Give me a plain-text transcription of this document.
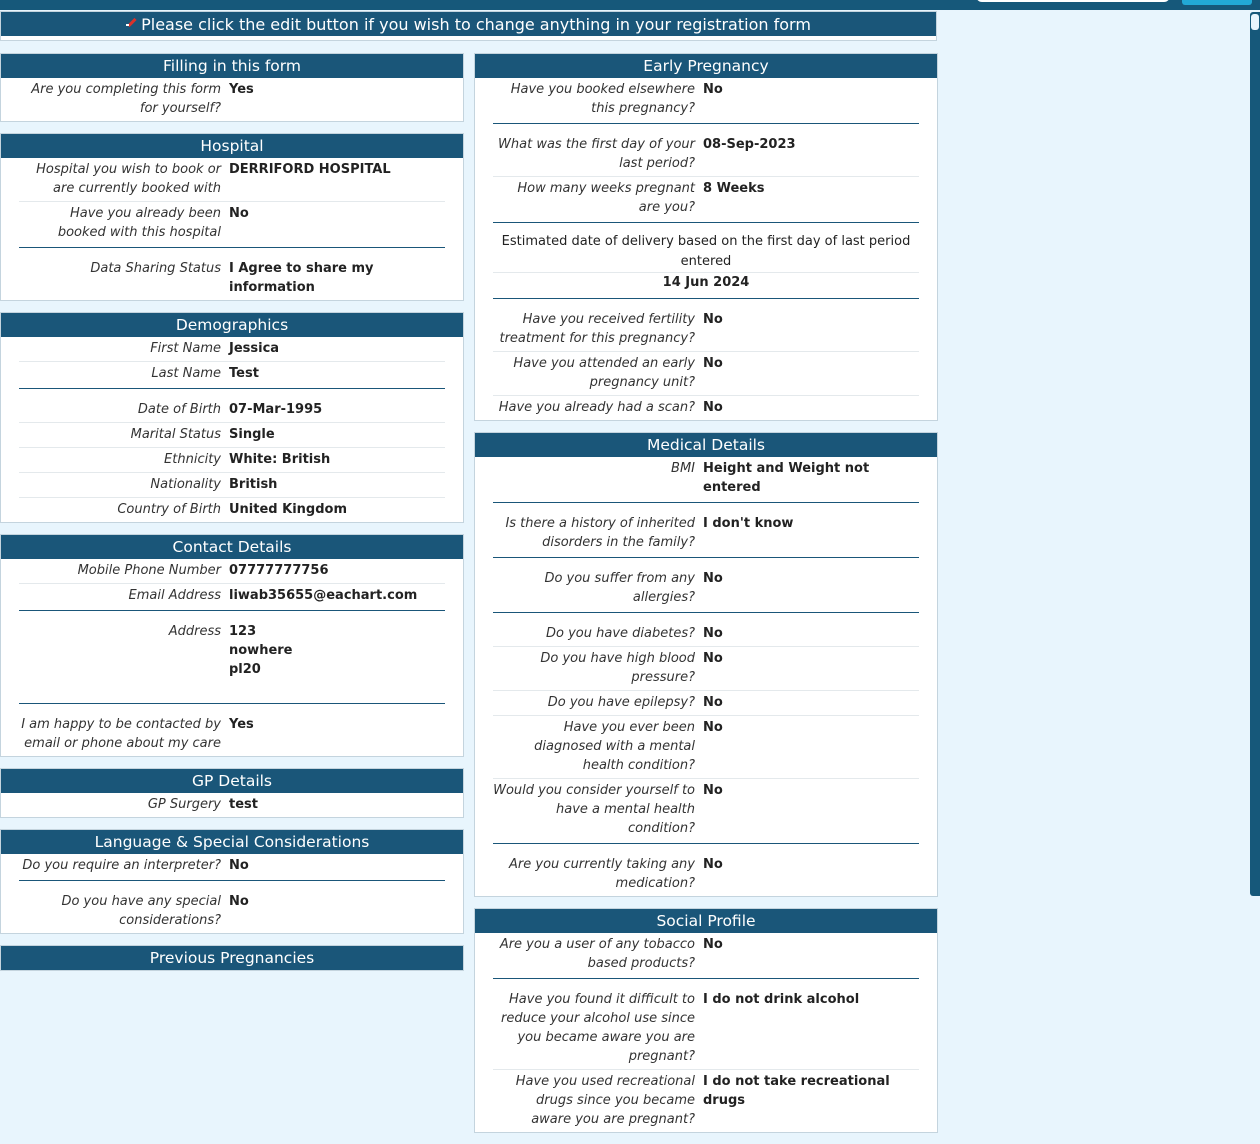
Please click the edit button if you wish to change anything in your registration form
Filling in this form
Are you completing this form for yourself?
Yes
Hospital
Hospital you wish to book or are currently booked with
DERRIFORD HOSPITAL
Have you already been booked with this hospital
No
Data Sharing Status I Agree to share my information
Demographics
First Name Jessica
Last Name Test
Date of Birth 07-Mar-1995
Marital Status Single
Ethnicity White: British
Nationality British
Country of Birth United Kingdom
Contact Details
Mobile Phone Number 07777777756
Email Address liwab35655@eachart.com
Address 123
nowhere
pl20
I am happy to be contacted by email or phone about my care
Yes
GP Details
GP Surgery test
Language & Special Considerations
Do you require an interpreter? No
Do you have any special considerations?
No
Previous Pregnancies
Early Pregnancy
Have you booked elsewhere this pregnancy?
No
What was the first day of your last period?
08-Sep-2023
How many weeks pregnant are you?
8 Weeks
Estimated date of delivery based on the first day of last period entered
14 Jun 2024
Have you received fertility treatment for this pregnancy?
No
Have you attended an early pregnancy unit?
No
Have you already had a scan? No
Medical Details
BMI Height and Weight not entered
Is there a history of inherited disorders in the family?
I don't know
Do you suffer from any allergies?
No
Do you have diabetes? No
Do you have high blood pressure?
No
Do you have epilepsy? No
Have you ever been diagnosed with a mental health condition?
No
Would you consider yourself to have a mental health condition?
No
Are you currently taking any medication?
No
Social Profile
Are you a user of any tobacco based products?
No
Have you found it difficult to reduce your alcohol use since you became aware you are pregnant?
I do not drink alcohol
Have you used recreational drugs since you became aware you are pregnant?
I do not take recreational drugs
